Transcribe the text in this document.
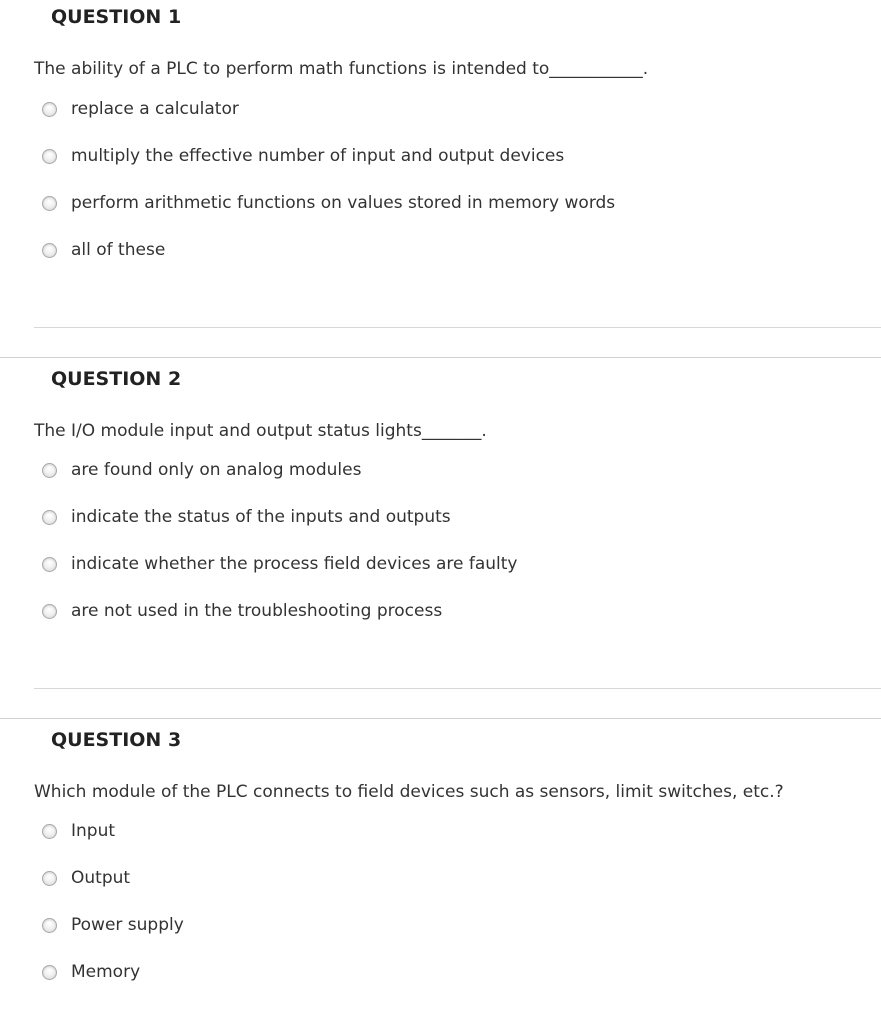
QUESTION 1

The ability of a PLC to perform math functions is intended to___________.

replace a calculator
multiply the effective number of input and output devices
perform arithmetic functions on values stored in memory words
all of these
QUESTION 2

The I/O module input and output status lights_______.

are found only on analog modules
indicate the status of the inputs and outputs
indicate whether the process field devices are faulty
are not used in the troubleshooting process
QUESTION 3

Which module of the PLC connects to field devices such as sensors, limit switches, etc.?

Input
Output
Power supply
Memory
